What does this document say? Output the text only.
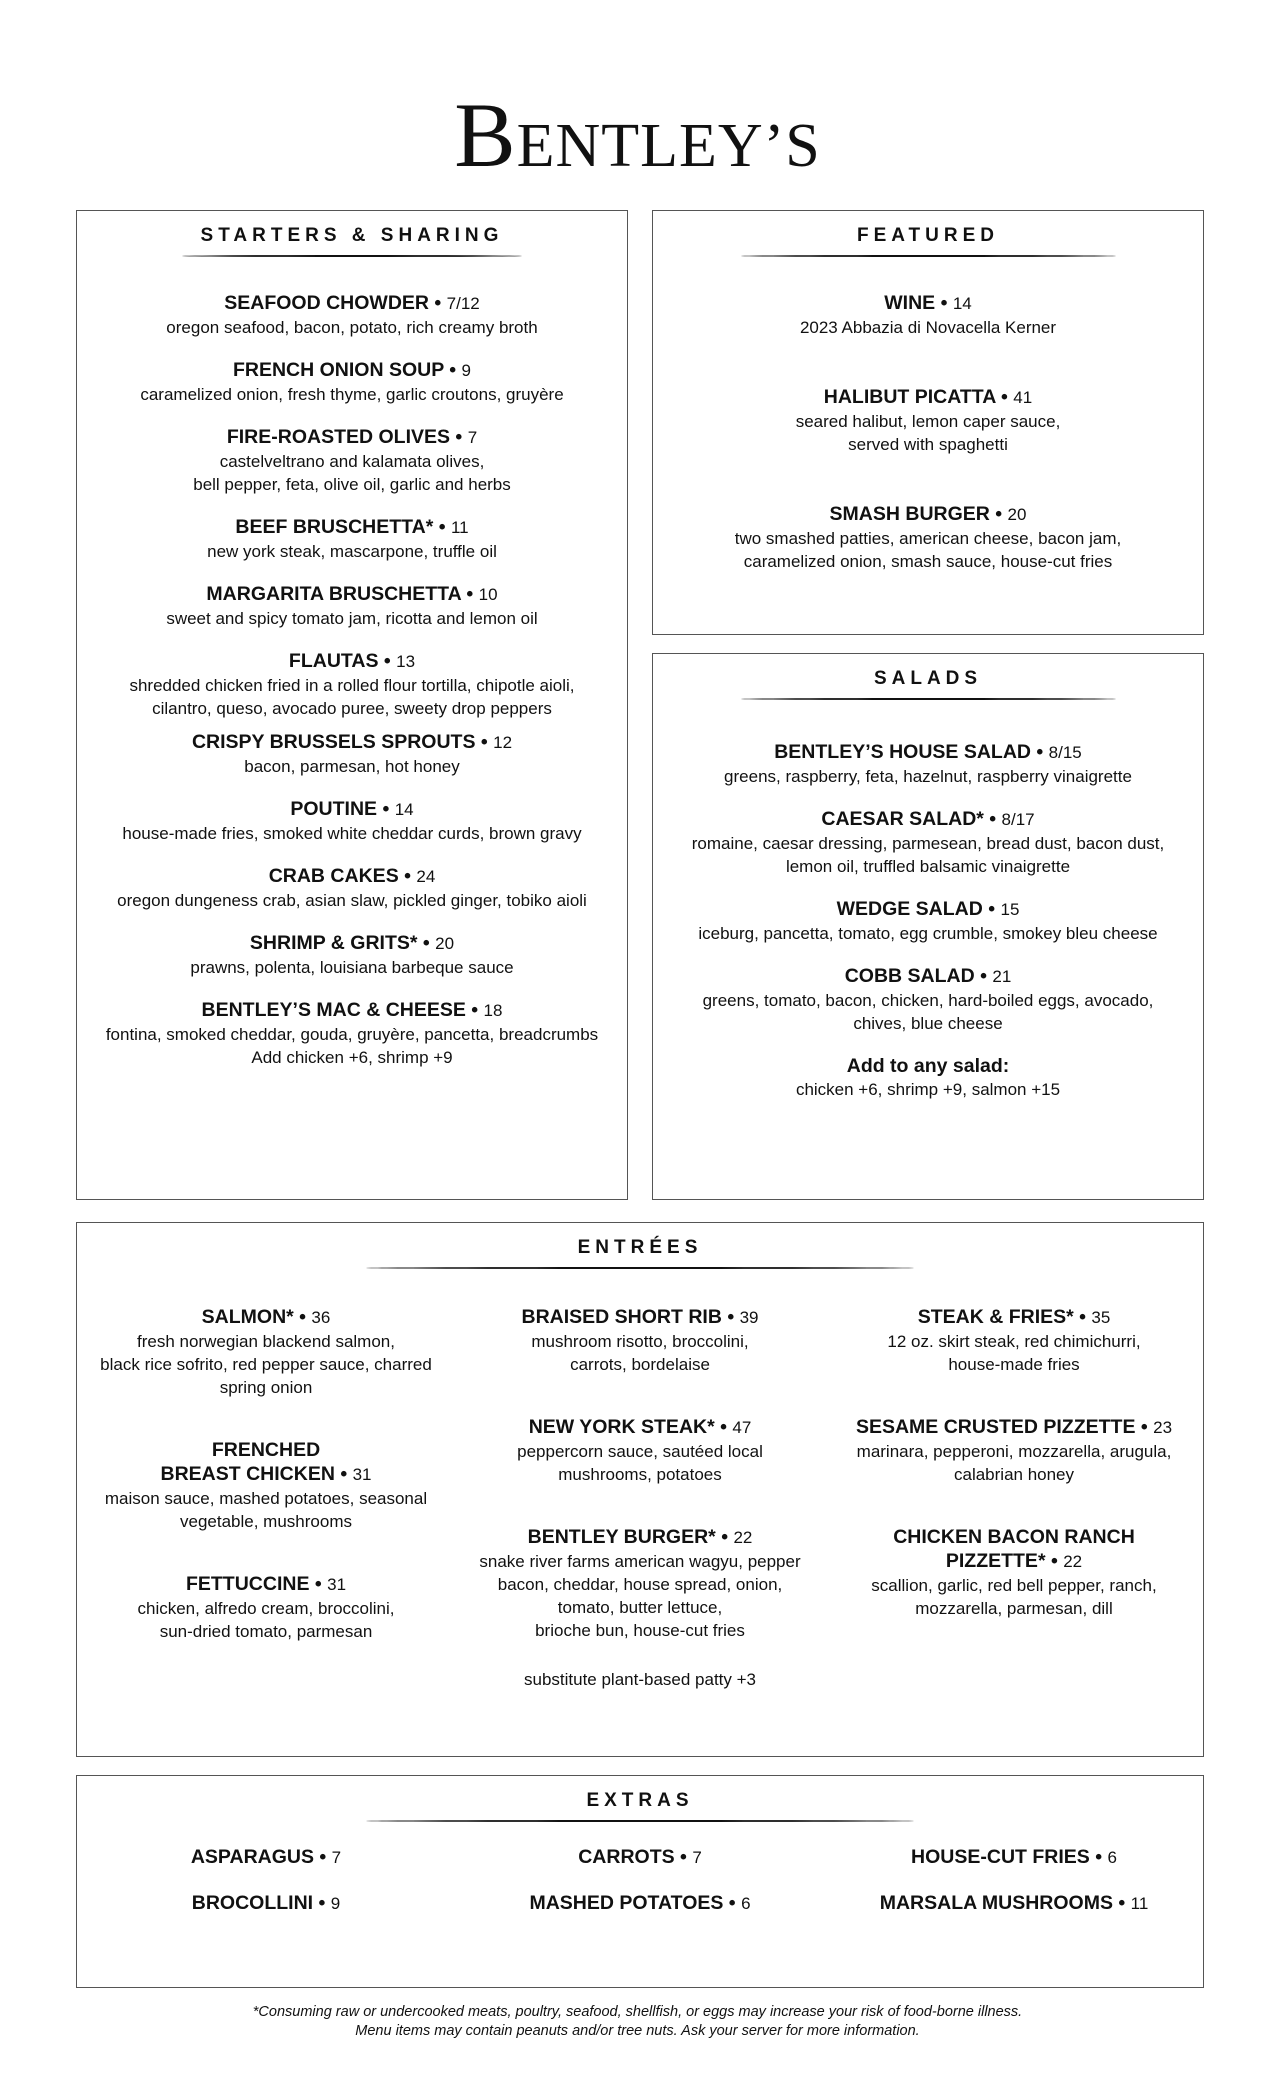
BENTLEY’S
STARTERS & SHARING
SEAFOOD CHOWDER • 7/12
oregon seafood, bacon, potato, rich creamy broth
FRENCH ONION SOUP • 9
caramelized onion, fresh thyme, garlic croutons, gruyère
FIRE-ROASTED OLIVES • 7
castelveltrano and kalamata olives,
bell pepper, feta, olive oil, garlic and herbs
BEEF BRUSCHETTA* • 11
new york steak, mascarpone, truffle oil
MARGARITA BRUSCHETTA • 10
sweet and spicy tomato jam, ricotta and lemon oil
FLAUTAS • 13
shredded chicken fried in a rolled flour tortilla, chipotle aioli,
cilantro, queso, avocado puree, sweety drop peppers
CRISPY BRUSSELS SPROUTS • 12
bacon, parmesan, hot honey
POUTINE • 14
house-made fries, smoked white cheddar curds, brown gravy
CRAB CAKES • 24
oregon dungeness crab, asian slaw, pickled ginger, tobiko aioli
SHRIMP & GRITS* • 20
prawns, polenta, louisiana barbeque sauce
BENTLEY’S MAC & CHEESE • 18
fontina, smoked cheddar, gouda, gruyère, pancetta, breadcrumbs
Add chicken +6, shrimp +9
FEATURED
WINE • 14
2023 Abbazia di Novacella Kerner
HALIBUT PICATTA • 41
seared halibut, lemon caper sauce,
served with spaghetti
SMASH BURGER • 20
two smashed patties, american cheese, bacon jam,
caramelized onion, smash sauce, house-cut fries
SALADS
BENTLEY’S HOUSE SALAD • 8/15
greens, raspberry, feta, hazelnut, raspberry vinaigrette
CAESAR SALAD* • 8/17
romaine, caesar dressing, parmesean, bread dust, bacon dust,
lemon oil, truffled balsamic vinaigrette
WEDGE SALAD • 15
iceburg, pancetta, tomato, egg crumble, smokey bleu cheese
COBB SALAD • 21
greens, tomato, bacon, chicken, hard-boiled eggs, avocado,
chives, blue cheese
Add to any salad:
chicken +6, shrimp +9, salmon +15
ENTRÉES
SALMON* • 36
fresh norwegian blackend salmon,
black rice sofrito, red pepper sauce, charred
spring onion
FRENCHED
BREAST CHICKEN • 31
maison sauce, mashed potatoes, seasonal
vegetable, mushrooms
FETTUCCINE • 31
chicken, alfredo cream, broccolini,
sun-dried tomato, parmesan
BRAISED SHORT RIB • 39
mushroom risotto, broccolini,
carrots, bordelaise
NEW YORK STEAK* • 47
peppercorn sauce, sautéed local
mushrooms, potatoes
BENTLEY BURGER* • 22
snake river farms american wagyu, pepper
bacon, cheddar, house spread, onion,
tomato, butter lettuce,
brioche bun, house-cut fries
substitute plant-based patty +3
STEAK & FRIES* • 35
12 oz. skirt steak, red chimichurri,
house-made fries
SESAME CRUSTED PIZZETTE • 23
marinara, pepperoni, mozzarella, arugula,
calabrian honey
CHICKEN BACON RANCH
PIZZETTE* • 22
scallion, garlic, red bell pepper, ranch,
mozzarella, parmesan, dill
EXTRAS
ASPARAGUS • 7	CARROTS • 7	HOUSE-CUT FRIES • 6
BROCOLLINI • 9	MASHED POTATOES • 6	MARSALA MUSHROOMS • 11
*Consuming raw or undercooked meats, poultry, seafood, shellfish, or eggs may increase your risk of food-borne illness.
Menu items may contain peanuts and/or tree nuts. Ask your server for more information.
